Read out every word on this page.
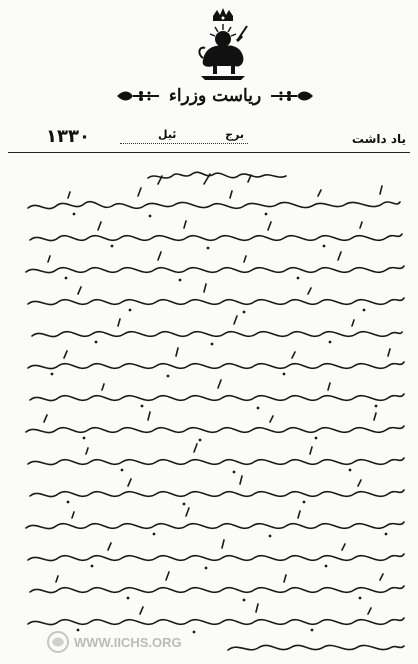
ریاست وزراء
یاد داشت
برج
ئیل
۱۳۳۰
WWW.IICHS.ORG
